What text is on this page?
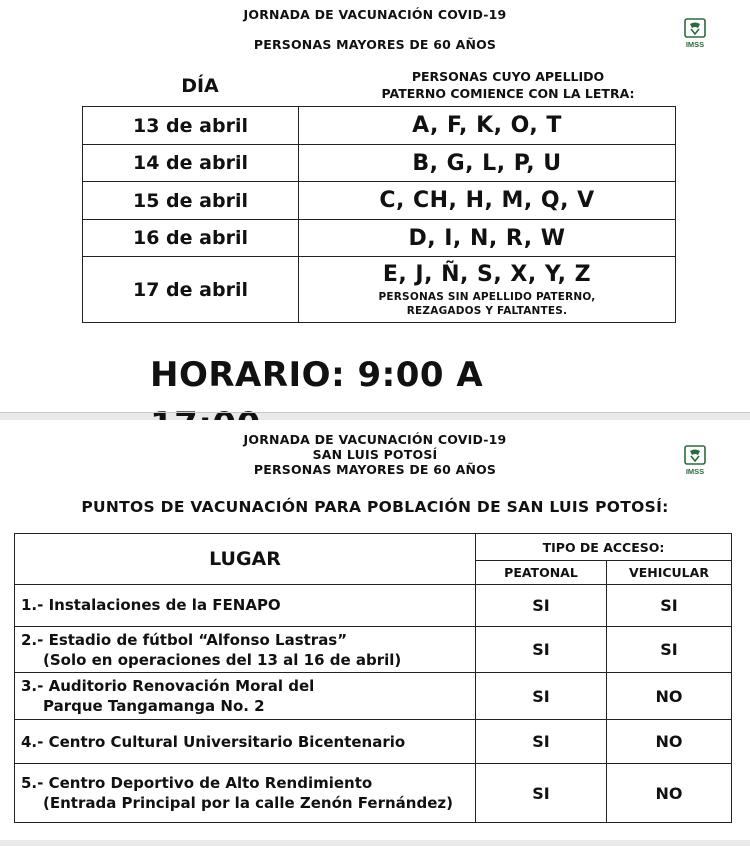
JORNADA DE VACUNACIÓN COVID-19
PERSONAS MAYORES DE 60 AÑOS	IMSS
DÍA	PERSONAS CUYO APELLIDO
PATERNO COMIENCE CON LA LETRA:
13 de abril	A, F, K, O, T
14 de abril	B, G, L, P, U
15 de abril	C, CH, H, M, Q, V
16 de abril	D, I, N, R, W
17 de abril	E, J, Ñ, S, X, Y, Z
PERSONAS SIN APELLIDO PATERNO,
REZAGADOS Y FALTANTES.
HORARIO: 9:00 A
JORNADA DE VACUNACIÓN COVID-19
SAN LUIS POTOSÍ
PERSONAS MAYORES DE 60 AÑOS	IMSS
PUNTOS DE VACUNACIÓN PARA POBLACIÓN DE SAN LUIS POTOSÍ:
LUGAR	TIPO DE ACCESO:	
	PEATONAL	VEHICULAR

1.- Instalaciones de la FENAPO	SI	SI

2.- Estadio de fútbol “Alfonso Lastras”
(Solo en operaciones del 13 al 16 de abril)	SI	SI

3.- Auditorio Renovación Moral del
Parque Tangamanga No. 2	SI	NO

4.- Centro Cultural Universitario Bicentenario	SI	NO

5.- Centro Deportivo de Alto Rendimiento
(Entrada Principal por la calle Zenón Fernández)	SI	NO
